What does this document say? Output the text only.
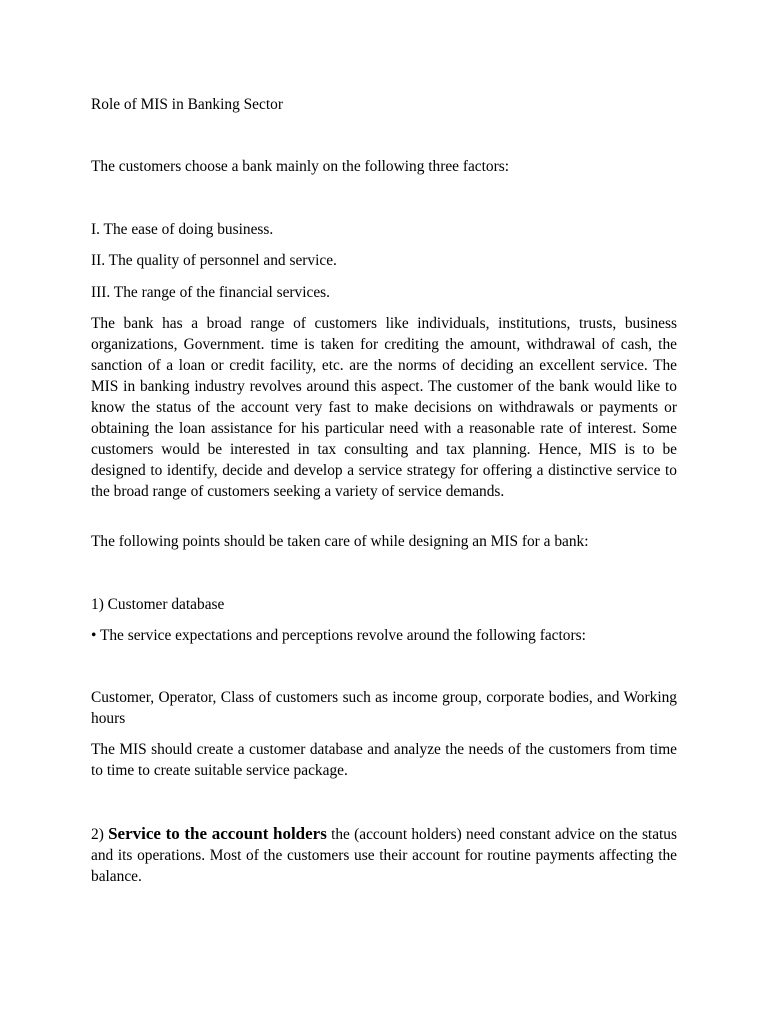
Role of MIS in Banking Sector

The customers choose a bank mainly on the following three factors:

I. The ease of doing business.

II. The quality of personnel and service.

III. The range of the financial services.

The bank has a broad range of customers like individuals, institutions, trusts, business organizations, Government. time is taken for crediting the amount, withdrawal of cash, the sanction of a loan or credit facility, etc. are the norms of deciding an excellent service. The MIS in banking industry revolves around this aspect. The customer of the bank would like to know the status of the account very fast to make decisions on withdrawals or payments or obtaining the loan assistance for his particular need with a reasonable rate of interest. Some customers would be interested in tax consulting and tax planning. Hence, MIS is to be designed to identify, decide and develop a service strategy for offering a distinctive service to the broad range of customers seeking a variety of service demands.

The following points should be taken care of while designing an MIS for a bank:

1) Customer database

• The service expectations and perceptions revolve around the following factors:

Customer, Operator, Class of customers such as income group, corporate bodies, and Working hours

The MIS should create a customer database and analyze the needs of the customers from time to time to create suitable service package.

2) Service to the account holders the (account holders) need constant advice on the status and its operations. Most of the customers use their account for routine payments affecting the balance.
